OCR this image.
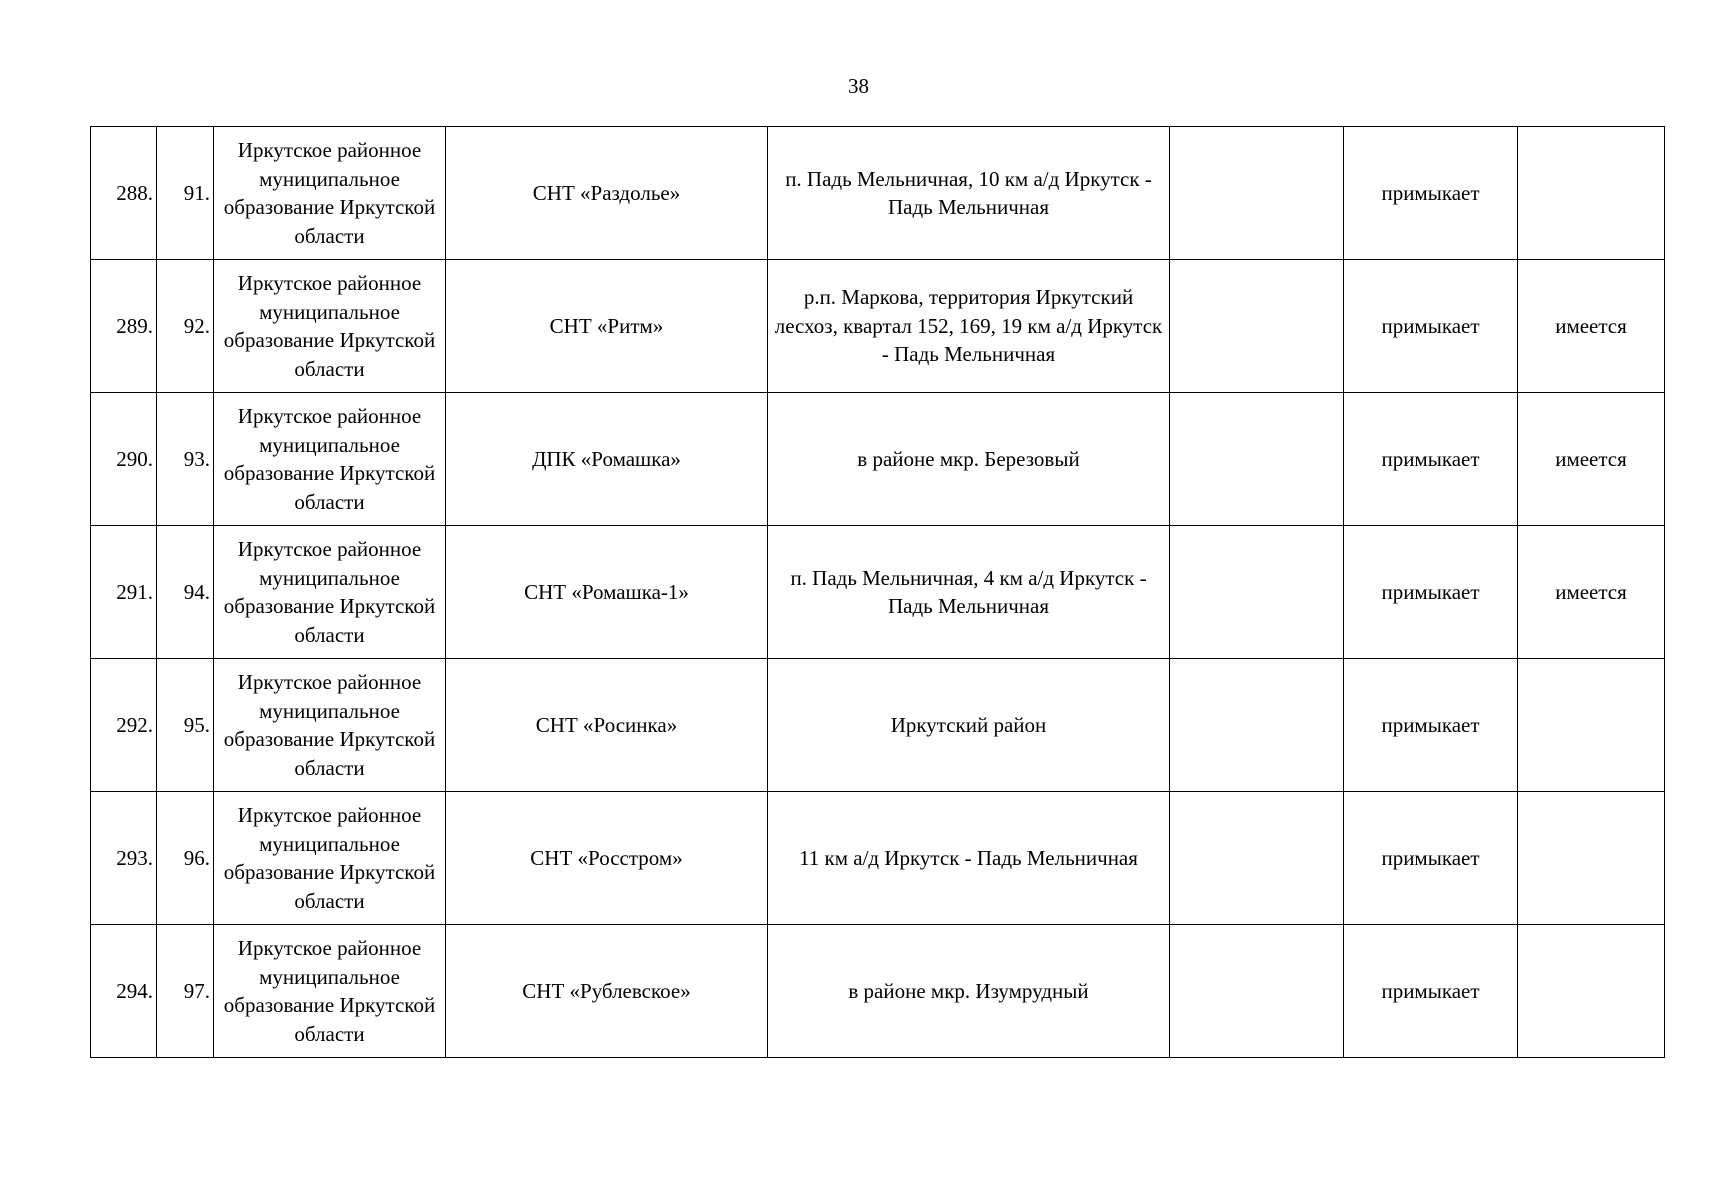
38
288.	91.	Иркутское районное муниципальное образование Иркутской области	СНТ «Раздолье»	п. Падь Мельничная, 10 км а/д Иркутск - Падь Мельничная		примыкает	
289.	92.	Иркутское районное муниципальное образование Иркутской области	СНТ «Ритм»	р.п. Маркова, территория Иркутский лесхоз, квартал 152, 169, 19 км а/д Иркутск - Падь Мельничная		примыкает	имеется
290.	93.	Иркутское районное муниципальное образование Иркутской области	ДПК «Ромашка»	в районе мкр. Березовый		примыкает	имеется
291.	94.	Иркутское районное муниципальное образование Иркутской области	СНТ «Ромашка-1»	п. Падь Мельничная, 4 км а/д Иркутск - Падь Мельничная		примыкает	имеется
292.	95.	Иркутское районное муниципальное образование Иркутской области	СНТ «Росинка»	Иркутский район		примыкает	
293.	96.	Иркутское районное муниципальное образование Иркутской области	СНТ «Росстром»	11 км а/д Иркутск - Падь Мельничная		примыкает	
294.	97.	Иркутское районное муниципальное образование Иркутской области	СНТ «Рублевское»	в районе мкр. Изумрудный		примыкает	
